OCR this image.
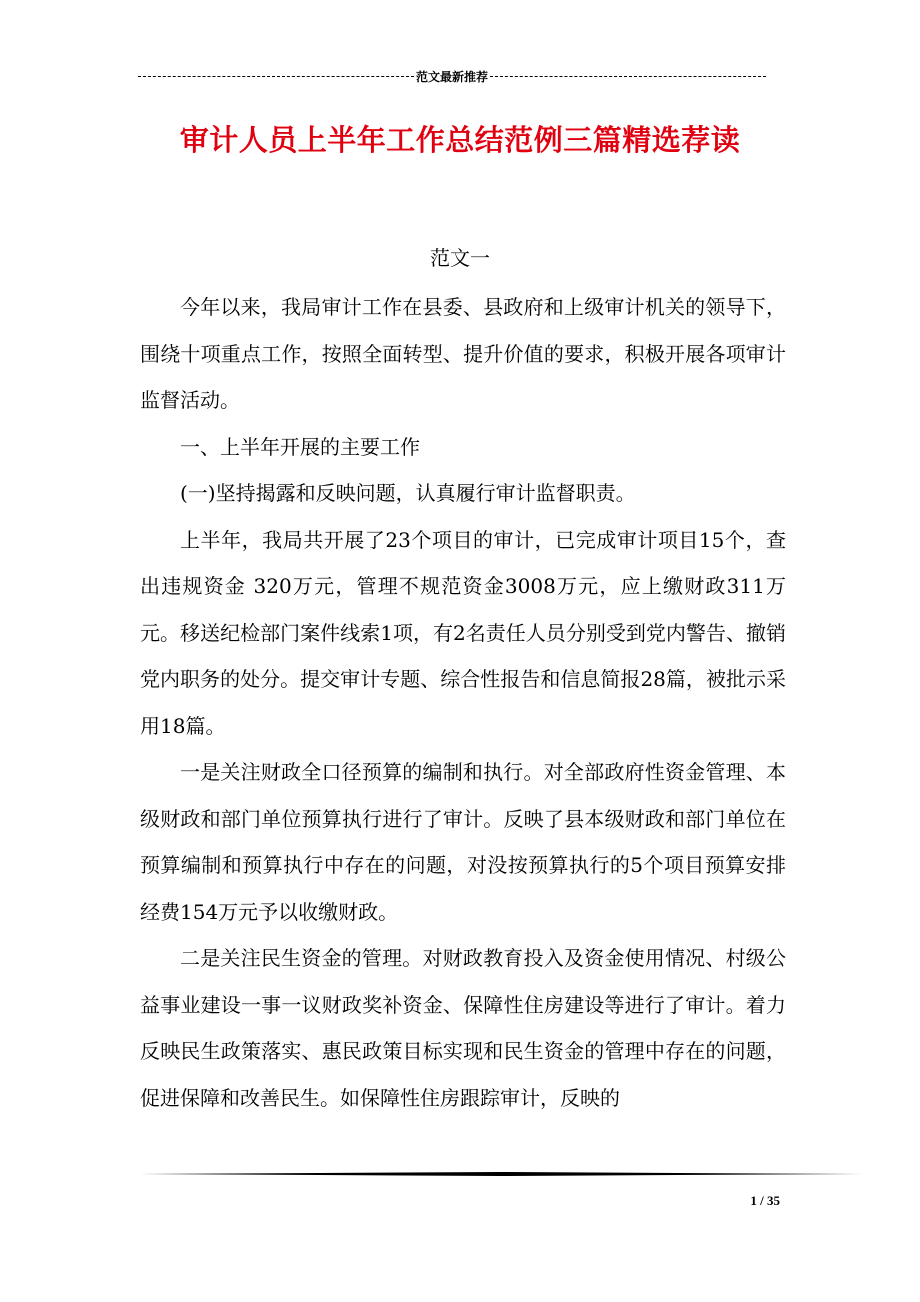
范文最新推荐
审计人员上半年工作总结范例三篇精选荐读
范文一

今年以来，我局审计工作在县委、县政府和上级审计机关的领导下，围绕十项重点工作，按照全面转型、提升价值的要求，积极开展各项审计监督活动。

一、上半年开展的主要工作

(一)坚持揭露和反映问题，认真履行审计监督职责。

上半年，我局共开展了23个项目的审计，已完成审计项目15个，查出违规资金 320万元，管理不规范资金3008万元，应上缴财政311万元。移送纪检部门案件线索1项，有2名责任人员分别受到党内警告、撤销党内职务的处分。提交审计专题、综合性报告和信息简报28篇，被批示采用18篇。

一是关注财政全口径预算的编制和执行。对全部政府性资金管理、本级财政和部门单位预算执行进行了审计。反映了县本级财政和部门单位在预算编制和预算执行中存在的问题，对没按预算执行的5个项目预算安排经费154万元予以收缴财政。

二是关注民生资金的管理。对财政教育投入及资金使用情况、村级公益事业建设一事一议财政奖补资金、保障性住房建设等进行了审计。着力反映民生政策落实、惠民政策目标实现和民生资金的管理中存在的问题，促进保障和改善民生。如保障性住房跟踪审计，反映的

1 / 35
